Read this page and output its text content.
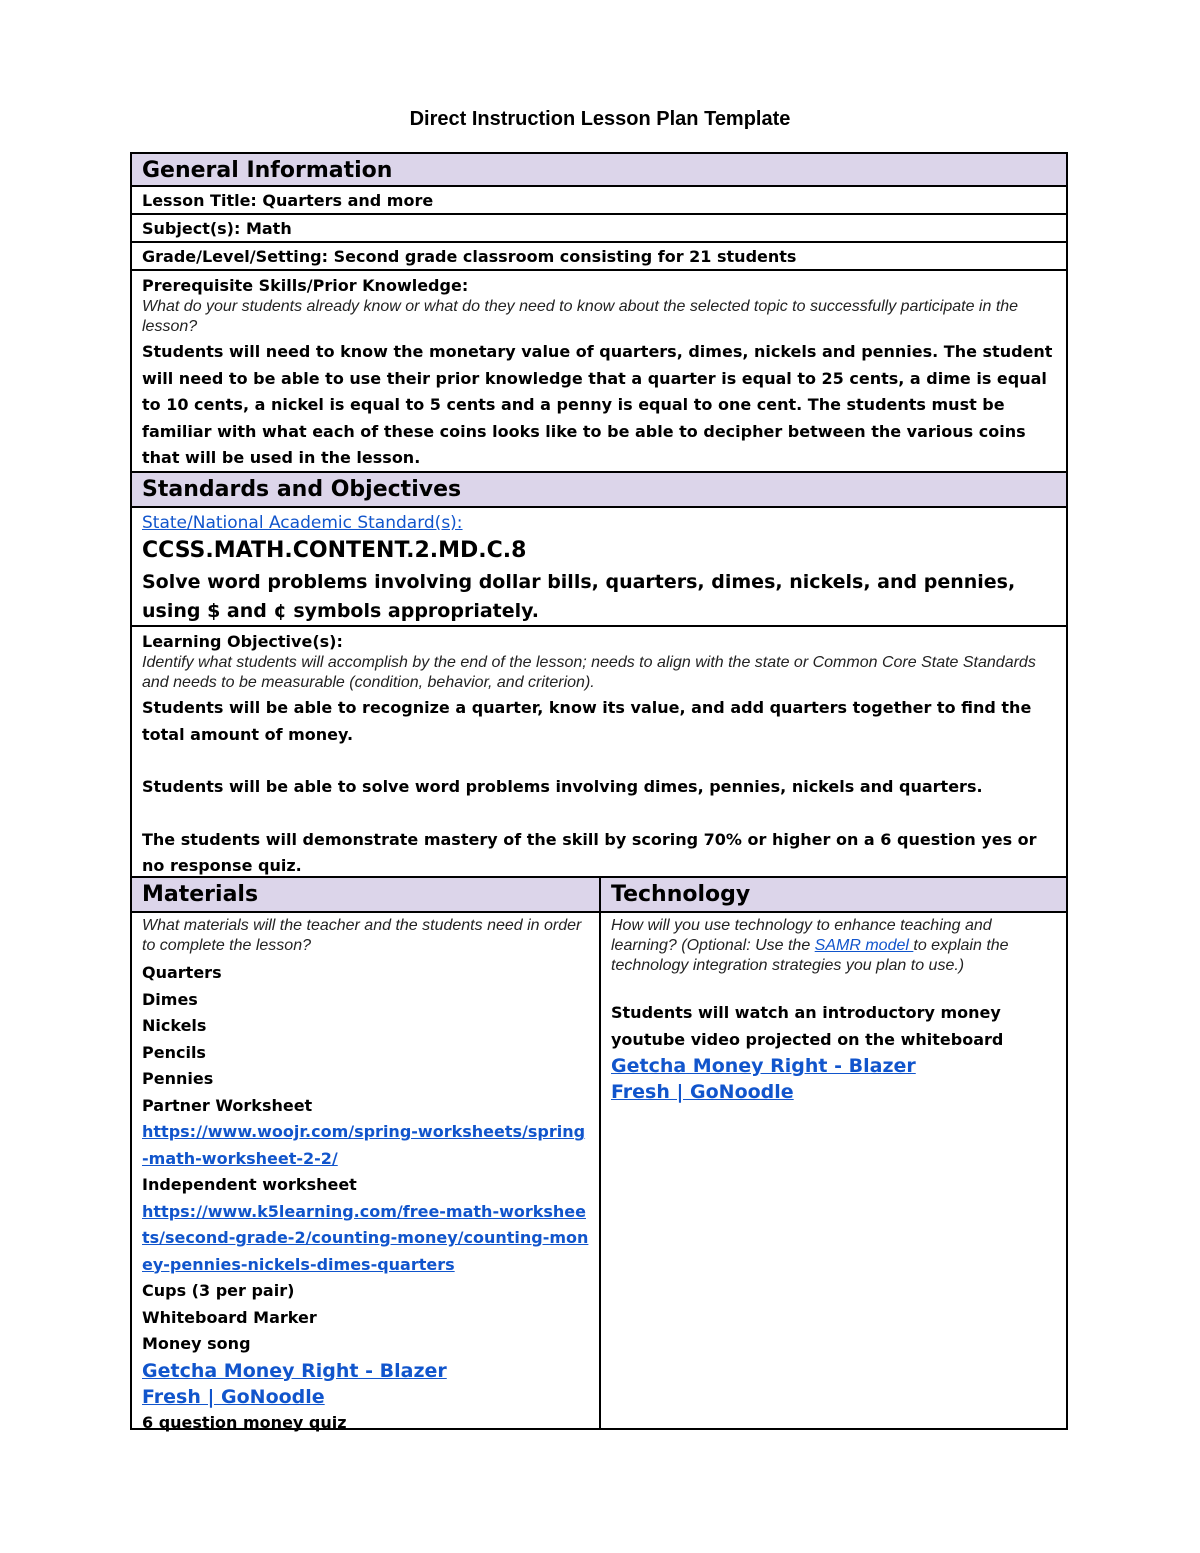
Direct Instruction Lesson Plan Template
General Information
Lesson Title: Quarters and more
Subject(s): Math
Grade/Level/Setting: Second grade classroom consisting for 21 students
Prerequisite Skills/Prior Knowledge:
What do your students already know or what do they need to know about the selected topic to successfully participate in the lesson?
Students will need to know the monetary value of quarters, dimes, nickels and pennies. The student will need to be able to use their prior knowledge that a quarter is equal to 25 cents, a dime is equal to 10 cents, a nickel is equal to 5 cents and a penny is equal to one cent. The students must be familiar with what each of these coins looks like to be able to decipher between the various coins that will be used in the lesson.
Standards and Objectives
State/National Academic Standard(s):
CCSS.MATH.CONTENT.2.MD.C.8
Solve word problems involving dollar bills, quarters, dimes, nickels, and pennies, using $ and ¢ symbols appropriately.
Learning Objective(s):
Identify what students will accomplish by the end of the lesson; needs to align with the state or Common Core State Standards and needs to be measurable (condition, behavior, and criterion).
Students will be able to recognize a quarter, know its value, and add quarters together to find the total amount of money.
Students will be able to solve word problems involving dimes, pennies, nickels and quarters.
The students will demonstrate mastery of the skill by scoring 70% or higher on a 6 question yes or no response quiz.
Materials	Technology
What materials will the teacher and the students need in order to complete the lesson?
Quarters
Dimes
Nickels
Pencils
Pennies
Partner Worksheet
https://www.woojr.com/spring-worksheets/spring-math-worksheet-2-2/
Independent worksheet
https://www.k5learning.com/free-math-worksheets/second-grade-2/counting-money/counting-money-pennies-nickels-dimes-quarters
Cups (3 per pair)
Whiteboard Marker
Money song
Getcha Money Right - Blazer Fresh | GoNoodle
6 question money quiz
How will you use technology to enhance teaching and learning? (Optional: Use the SAMR model to explain the technology integration strategies you plan to use.)
Students will watch an introductory money youtube video projected on the whiteboard
Getcha Money Right - Blazer Fresh | GoNoodle
